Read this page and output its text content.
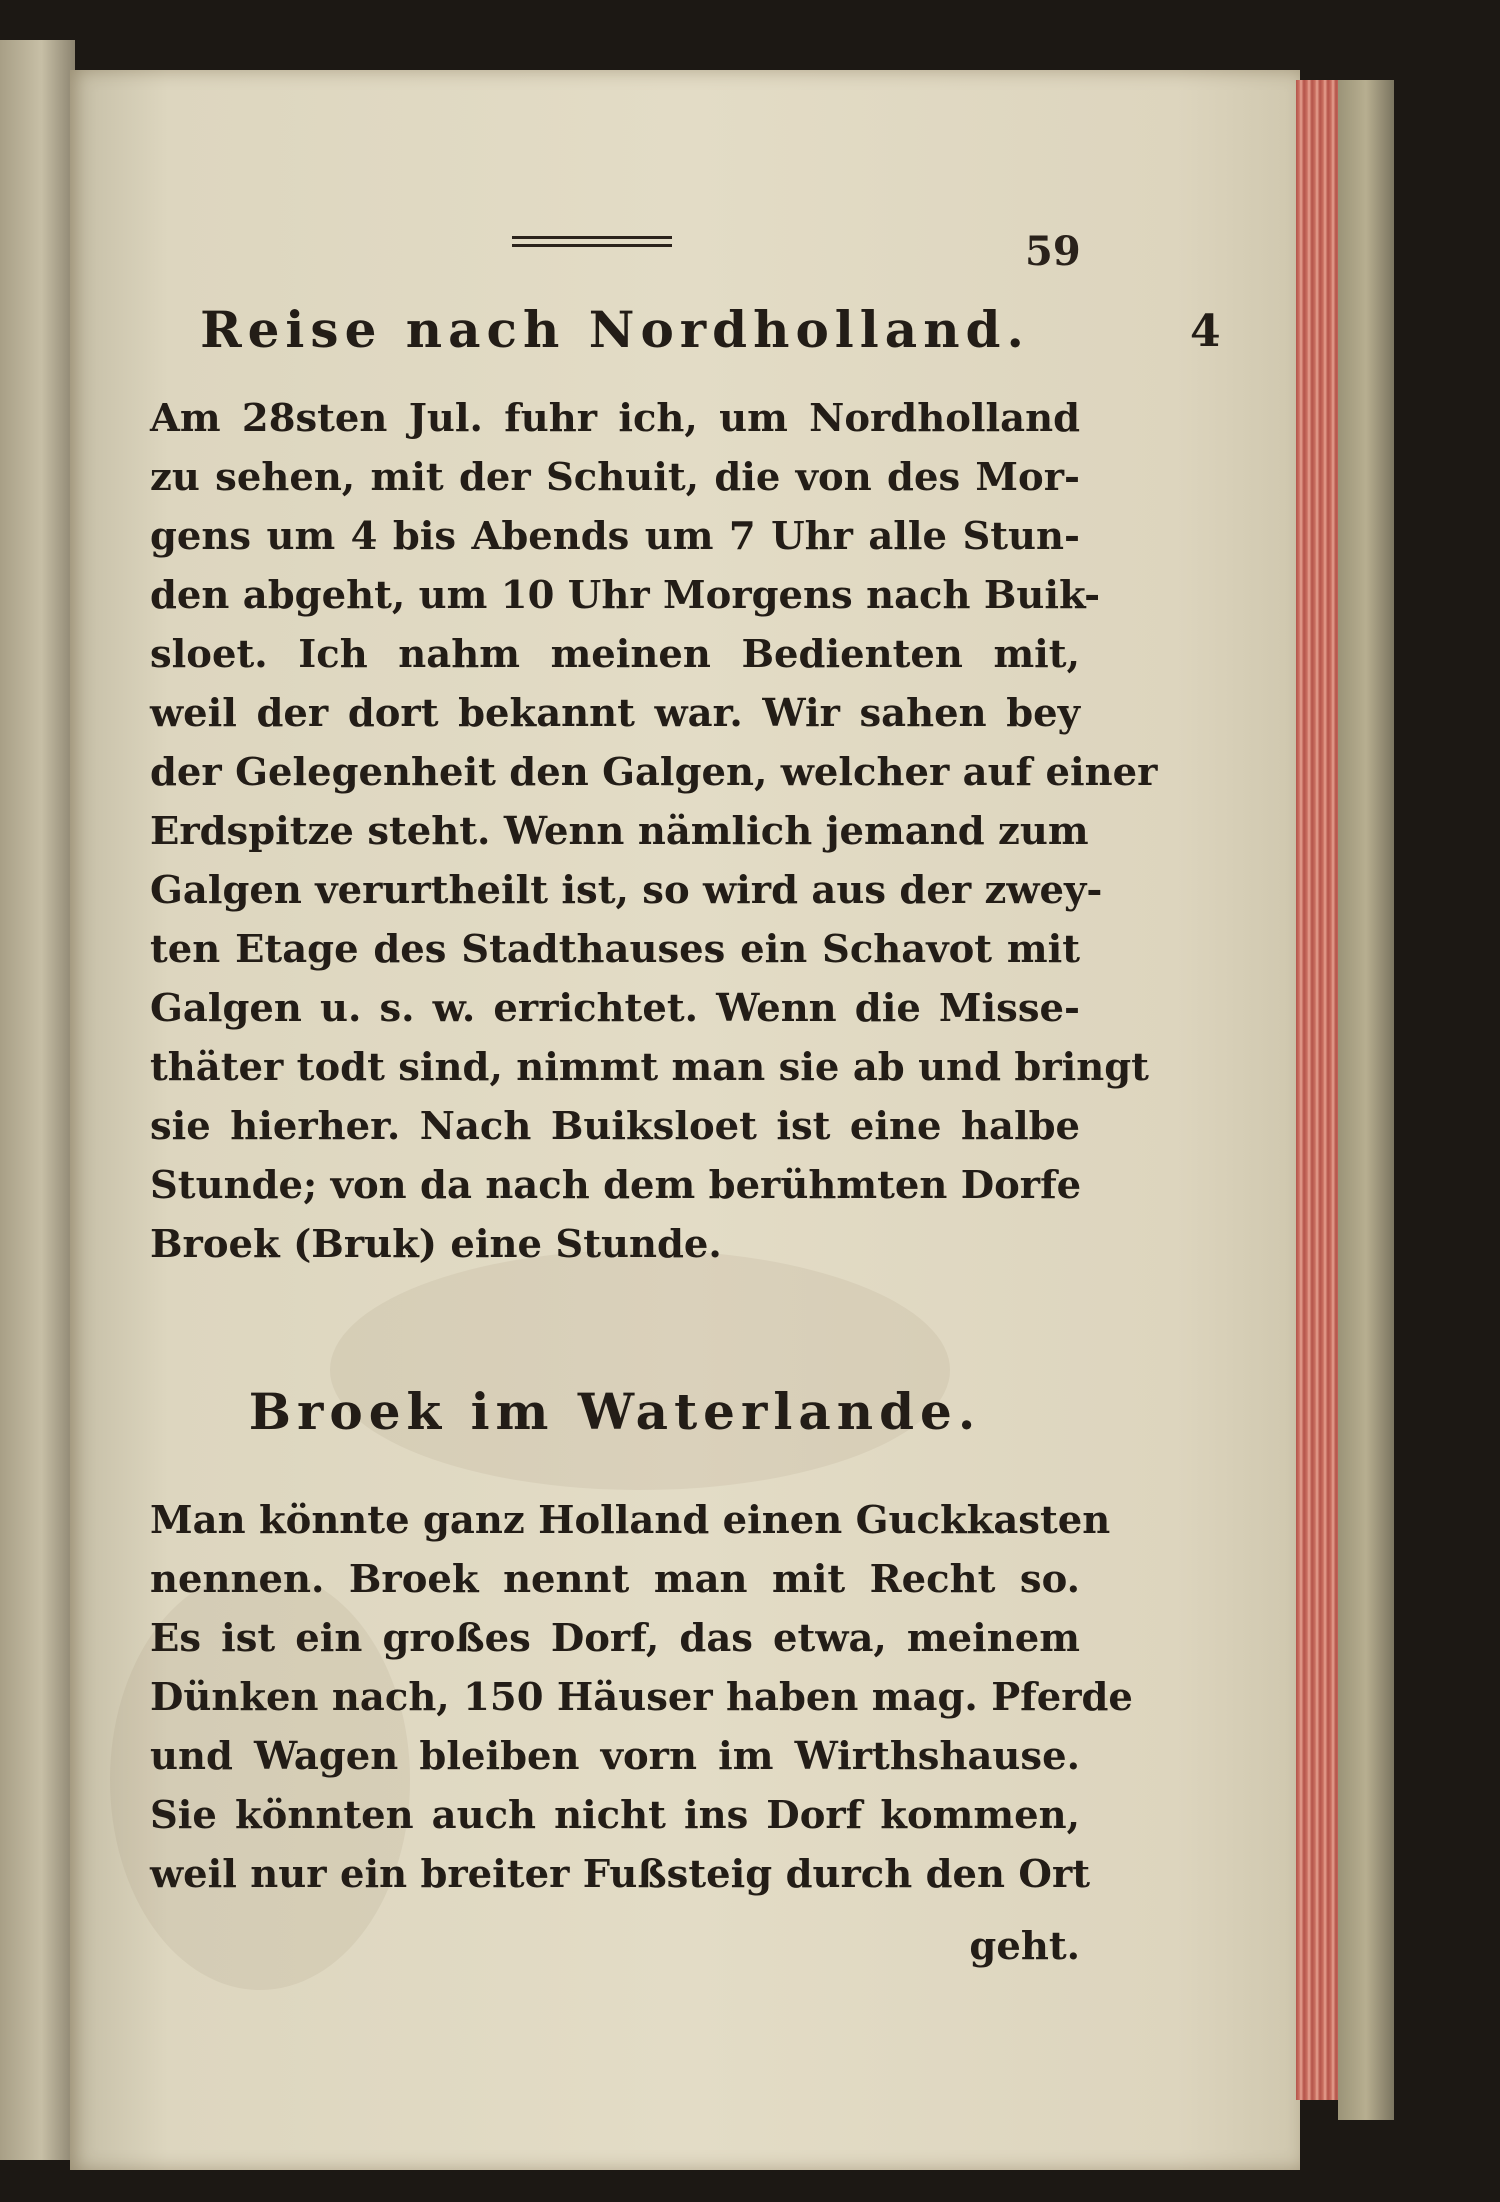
59
Reise nach Nordholland.	4
Am 28sten Jul. fuhr ich, um Nordholland
zu sehen, mit der Schuit, die von des Mor-
gens um 4 bis Abends um 7 Uhr alle Stun-
den abgeht, um 10 Uhr Morgens nach Buik-
sloet. Ich nahm meinen Bedienten mit,
weil der dort bekannt war. Wir sahen bey
der Gelegenheit den Galgen, welcher auf einer
Erdspitze steht. Wenn nämlich jemand zum
Galgen verurtheilt ist, so wird aus der zwey-
ten Etage des Stadthauses ein Schavot mit
Galgen u. s. w. errichtet. Wenn die Misse-
thäter todt sind, nimmt man sie ab und bringt
sie hierher. Nach Buiksloet ist eine halbe
Stunde; von da nach dem berühmten Dorfe
Broek (Bruk) eine Stunde.
Broek im Waterlande.
Man könnte ganz Holland einen Guckkasten
nennen. Broek nennt man mit Recht so.
Es ist ein großes Dorf, das etwa, meinem
Dünken nach, 150 Häuser haben mag. Pferde
und Wagen bleiben vorn im Wirthshause.
Sie könnten auch nicht ins Dorf kommen,
weil nur ein breiter Fußsteig durch den Ort
geht.
